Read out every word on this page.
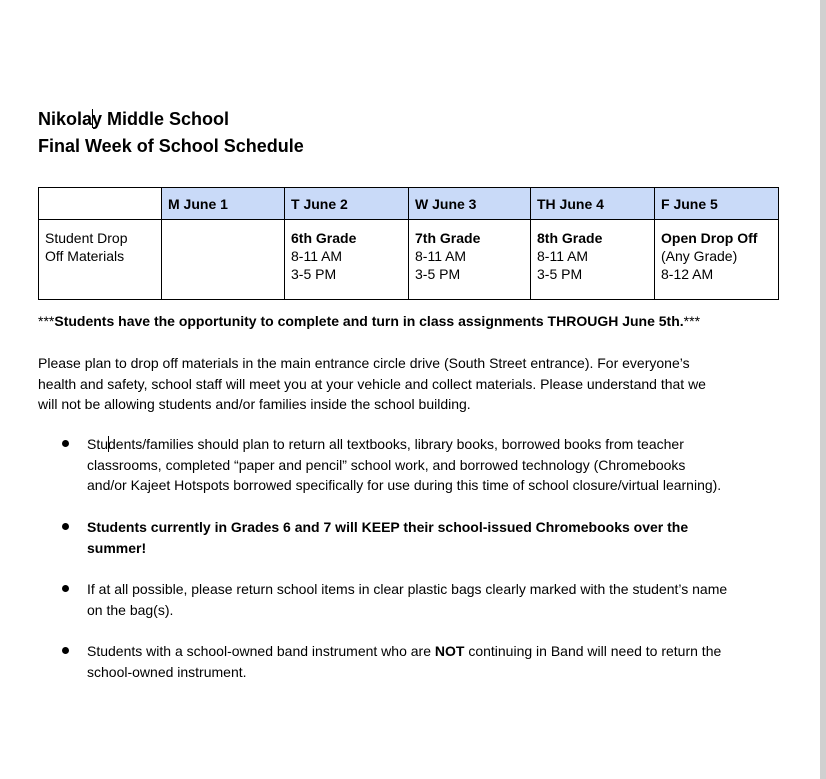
Nikolay Middle School
Final Week of School Schedule
	M June 1	T June 2	W June 3	TH June 4	F June 5

Student Drop
Off Materials		6th Grade
8-11 AM
3-5 PM	7th Grade
8-11 AM
3-5 PM	8th Grade
8-11 AM
3-5 PM	Open Drop Off
(Any Grade)
8-12 AM
***Students have the opportunity to complete and turn in class assignments THROUGH June 5th.***
Please plan to drop off materials in the main entrance circle drive (South Street entrance). For everyone’s
health and safety, school staff will meet you at your vehicle and collect materials. Please understand that we
will not be allowing students and/or families inside the school building.
Students/families should plan to return all textbooks, library books, borrowed books from teacher
classrooms, completed “paper and pencil” school work, and borrowed technology (Chromebooks
and/or Kajeet Hotspots borrowed specifically for use during this time of school closure/virtual learning).
Students currently in Grades 6 and 7 will KEEP their school-issued Chromebooks over the
summer!
If at all possible, please return school items in clear plastic bags clearly marked with the student’s name
on the bag(s).
Students with a school-owned band instrument who are NOT continuing in Band will need to return the
school-owned instrument.
